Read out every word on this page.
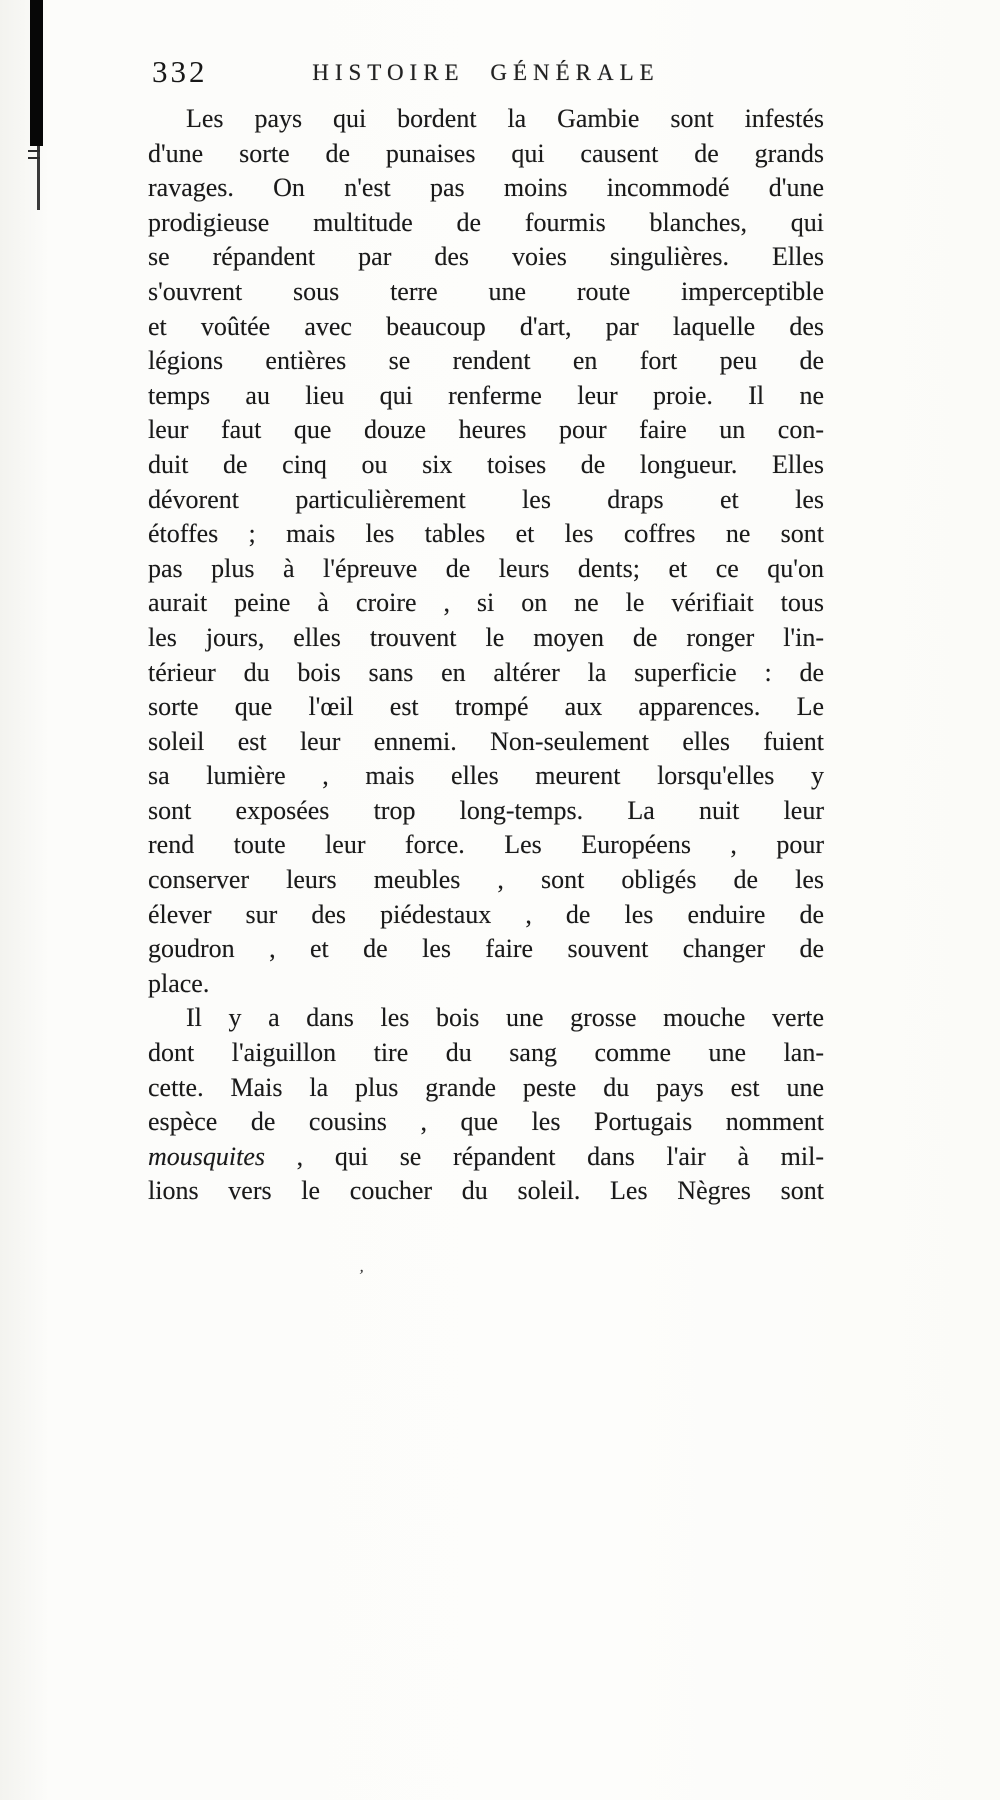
332	HISTOIRE GÉNÉRALE
Les pays qui bordent la Gambie sont infestés
d'une sorte de punaises qui causent de grands
ravages. On n'est pas moins incommodé d'une
prodigieuse multitude de fourmis blanches, qui
se répandent par des voies singulières. Elles
s'ouvrent sous terre une route imperceptible
et voûtée avec beaucoup d'art, par laquelle des
légions entières se rendent en fort peu de
temps au lieu qui renferme leur proie. Il ne
leur faut que douze heures pour faire un con-
duit de cinq ou six toises de longueur. Elles
dévorent particulièrement les draps et les
étoffes ; mais les tables et les coffres ne sont
pas plus à l'épreuve de leurs dents; et ce qu'on
aurait peine à croire , si on ne le vérifiait tous
les jours, elles trouvent le moyen de ronger l'in-
térieur du bois sans en altérer la superficie : de
sorte que l'œil est trompé aux apparences. Le
soleil est leur ennemi. Non-seulement elles fuient
sa lumière , mais elles meurent lorsqu'elles y
sont exposées trop long-temps. La nuit leur
rend toute leur force. Les Européens , pour
conserver leurs meubles , sont obligés de les
élever sur des piédestaux , de les enduire de
goudron , et de les faire souvent changer de
place.
Il y a dans les bois une grosse mouche verte
dont l'aiguillon tire du sang comme une lan-
cette. Mais la plus grande peste du pays est une
espèce de cousins , que les Portugais nomment
mousquites , qui se répandent dans l'air à mil-
lions vers le coucher du soleil. Les Nègres sont
’
